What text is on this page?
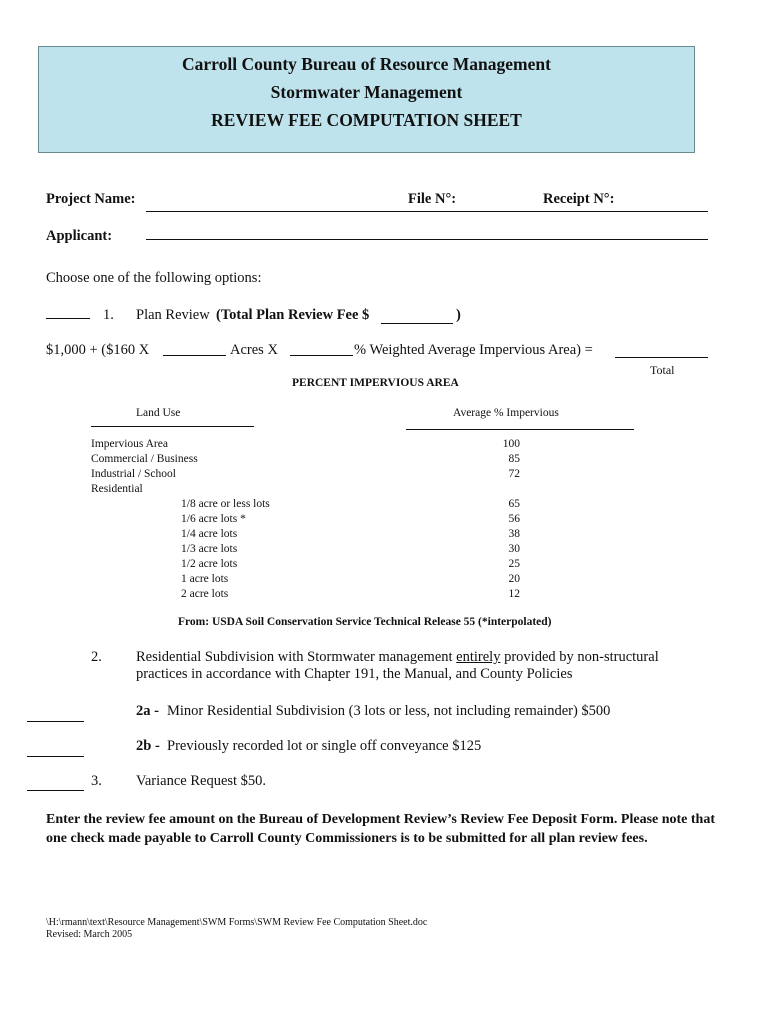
Carroll County Bureau of Resource Management
Stormwater Management
REVIEW FEE COMPUTATION SHEET
Project Name:	File N°:	Receipt N°:
Applicant:
Choose one of the following options:
1. Plan Review (Total Plan Review Fee $	)
$1,000 + ($160 X	Acres X	% Weighted Average Impervious Area) =
Total
PERCENT IMPERVIOUS AREA
Land Use	Average % Impervious
Impervious Area	100
Commercial / Business	85
Industrial / School	72
Residential
1/8 acre or less lots	65
1/6 acre lots *	56
1/4 acre lots	38
1/3 acre lots	30
1/2 acre lots	25
1 acre lots	20
2 acre lots	12
From: USDA Soil Conservation Service Technical Release 55 (*interpolated)
2. Residential Subdivision with Stormwater management entirely provided by non-structural
practices in accordance with Chapter 191, the Manual, and County Policies
2a - Minor Residential Subdivision (3 lots or less, not including remainder) $500
2b - Previously recorded lot or single off conveyance $125
3. Variance Request $50.
Enter the review fee amount on the Bureau of Development Review’s Review Fee Deposit Form. Please note that one check made payable to Carroll County Commissioners is to be submitted for all plan review fees.
\H:\rmann\text\Resource Management\SWM Forms\SWM Review Fee Computation Sheet.doc
Revised: March 2005
